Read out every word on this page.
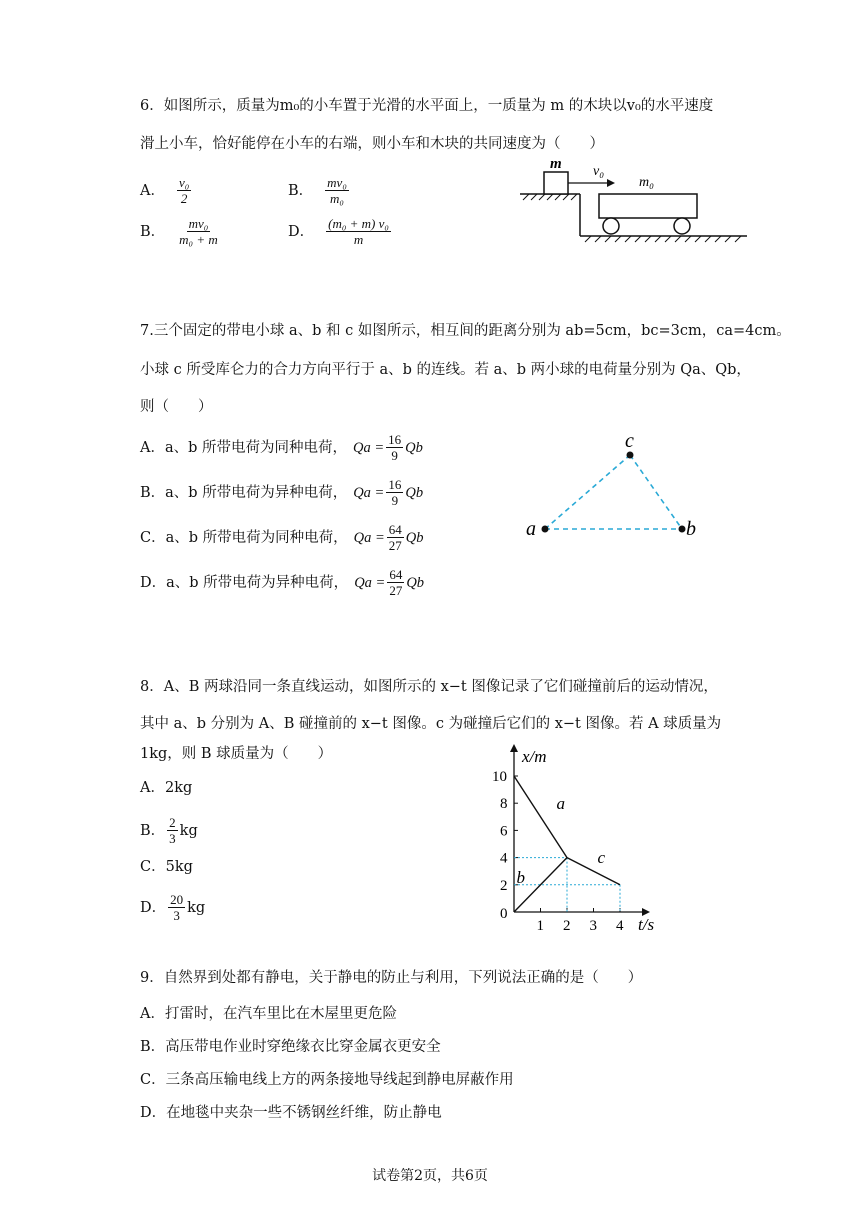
6．如图所示，质量为m₀的小车置于光滑的水平面上，一质量为 m 的木块以v₀的水平速度
滑上小车，恰好能停在小车的右端，则小车和木块的共同速度为（　　）
A． $\frac{\text{v₀}}{2}$	B． $\frac{\text{mv₀}}{\text{m₀}}$
B． $\frac{\text{mv₀}}{\text{m₀ + m}}$	D． $\frac{\text{(m₀ + m) v₀}}{m}$
m v₀
m₀
7.三个固定的带电小球 a、b 和 c 如图所示，相互间的距离分别为 ab=5cm，bc=3cm，ca=4cm。
小球 c 所受库仑力的合力方向平行于 a、b 的连线。若 a、b 两小球的电荷量分别为 Qa、Qb，
则（　　）
A． a、b 所带电荷为同种电荷， $Qa = \frac{16}{9}$ Qb
B． a、b 所带电荷为异种电荷， $Qa = \frac{16}{9}$ Qb
C． a、b 所带电荷为同种电荷， $Qa = \frac{64}{27}$ Qb
D． a、b 所带电荷为异种电荷， $Qa = \frac{64}{27}$ Qb
a
c
b
8．A、B 两球沿同一条直线运动，如图所示的 x−t 图像记录了它们碰撞前后的运动情况，
其中 a、b 分别为 A、B 碰撞前的 x−t 图像。c 为碰撞后它们的 x−t 图像。若 A 球质量为
1kg，则 B 球质量为（　　）
A． 2kg
B． $\frac{2}{3}$ kg
C． 5kg
D． $\frac{20}{3}$ kg
x/m
t/s
0
1 2 3 4
2
4
6
8
10
a
b
c
9．自然界到处都有静电，关于静电的防止与利用，下列说法正确的是（　　）
A．打雷时，在汽车里比在木屋里更危险
B．高压带电作业时穿绝缘衣比穿金属衣更安全
C．三条高压输电线上方的两条接地导线起到静电屏蔽作用
D．在地毯中夹杂一些不锈钢丝纤维，防止静电
试卷第2页，共6页
